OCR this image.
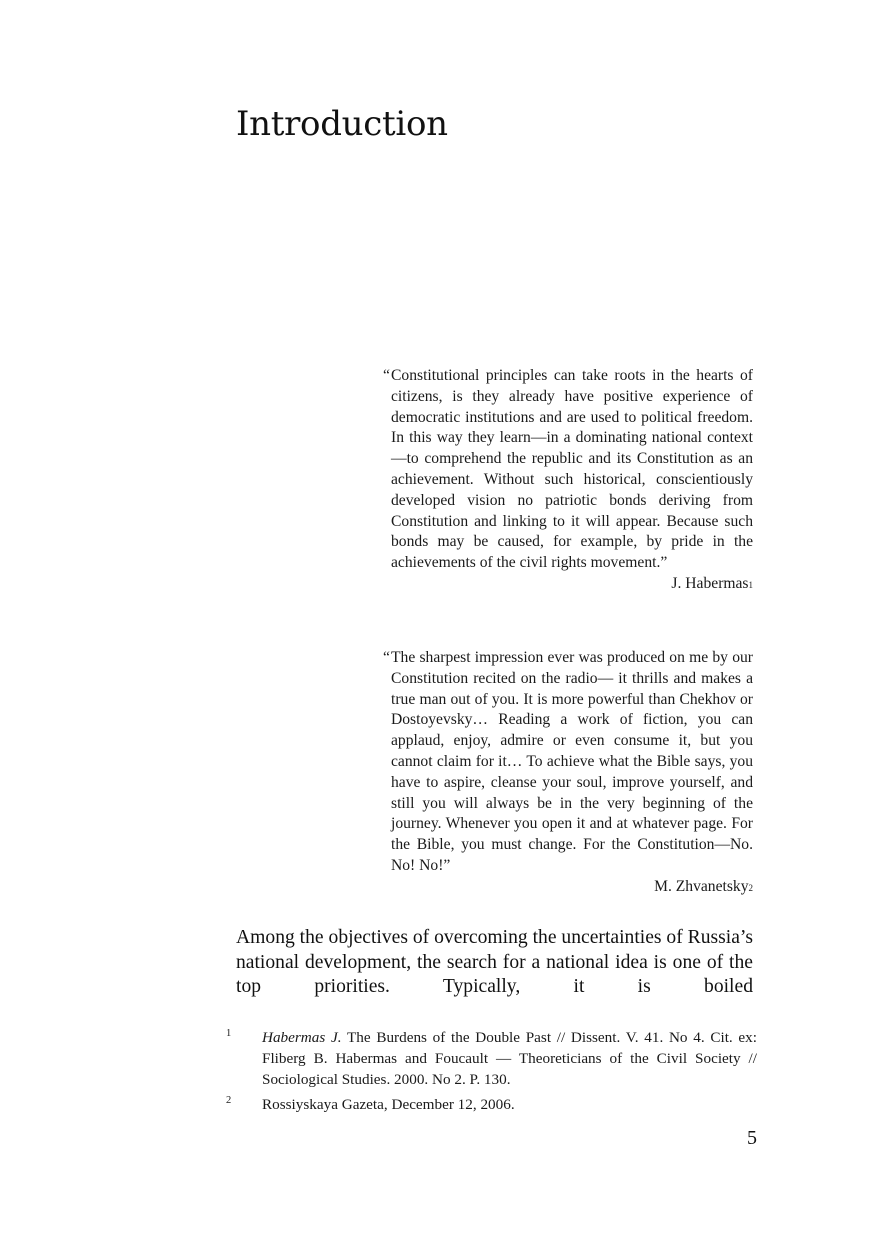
Introduction

“ Constitutional principles can take roots in the hearts of citizens, is they already have positive experience of democratic institutions and are used to political freedom. In this way they learn—in a dominating national context—to comprehend the republic and its Constitution as an achievement. Without such historical, conscientiously developed vision no patriotic bonds deriving from Constitution and linking to it will appear. Because such bonds may be caused, for example, by pride in the achievements of the civil rights movement.”

J. Habermas$^1$

“ The sharpest impression ever was produced on me by our Constitution recited on the radio— it thrills and makes a true man out of you. It is more powerful than Chekhov or Dostoyevsky… Reading a work of fiction, you can applaud, enjoy, admire or even consume it, but you cannot claim for it… To achieve what the Bible says, you have to aspire, cleanse your soul, improve yourself, and still you will always be in the very beginning of the journey. Whenever you open it and at whatever page. For the Bible, you must change. For the Constitution—No. No! No!”

M. Zhvanetsky$^2$

Among the objectives of overcoming the uncertainties of Russia’s national development, the search for a national idea is one of the top priorities. Typically, it is boiled

1	Habermas J. The Burdens of the Double Past // Dissent. V. 41. No 4. Cit. ex: Fliberg B. Habermas and Foucault — Theoreticians of the Civil Society // Sociological Studies. 2000. No 2. P. 130.
2	Rossiyskaya Gazeta, December 12, 2006.
5
